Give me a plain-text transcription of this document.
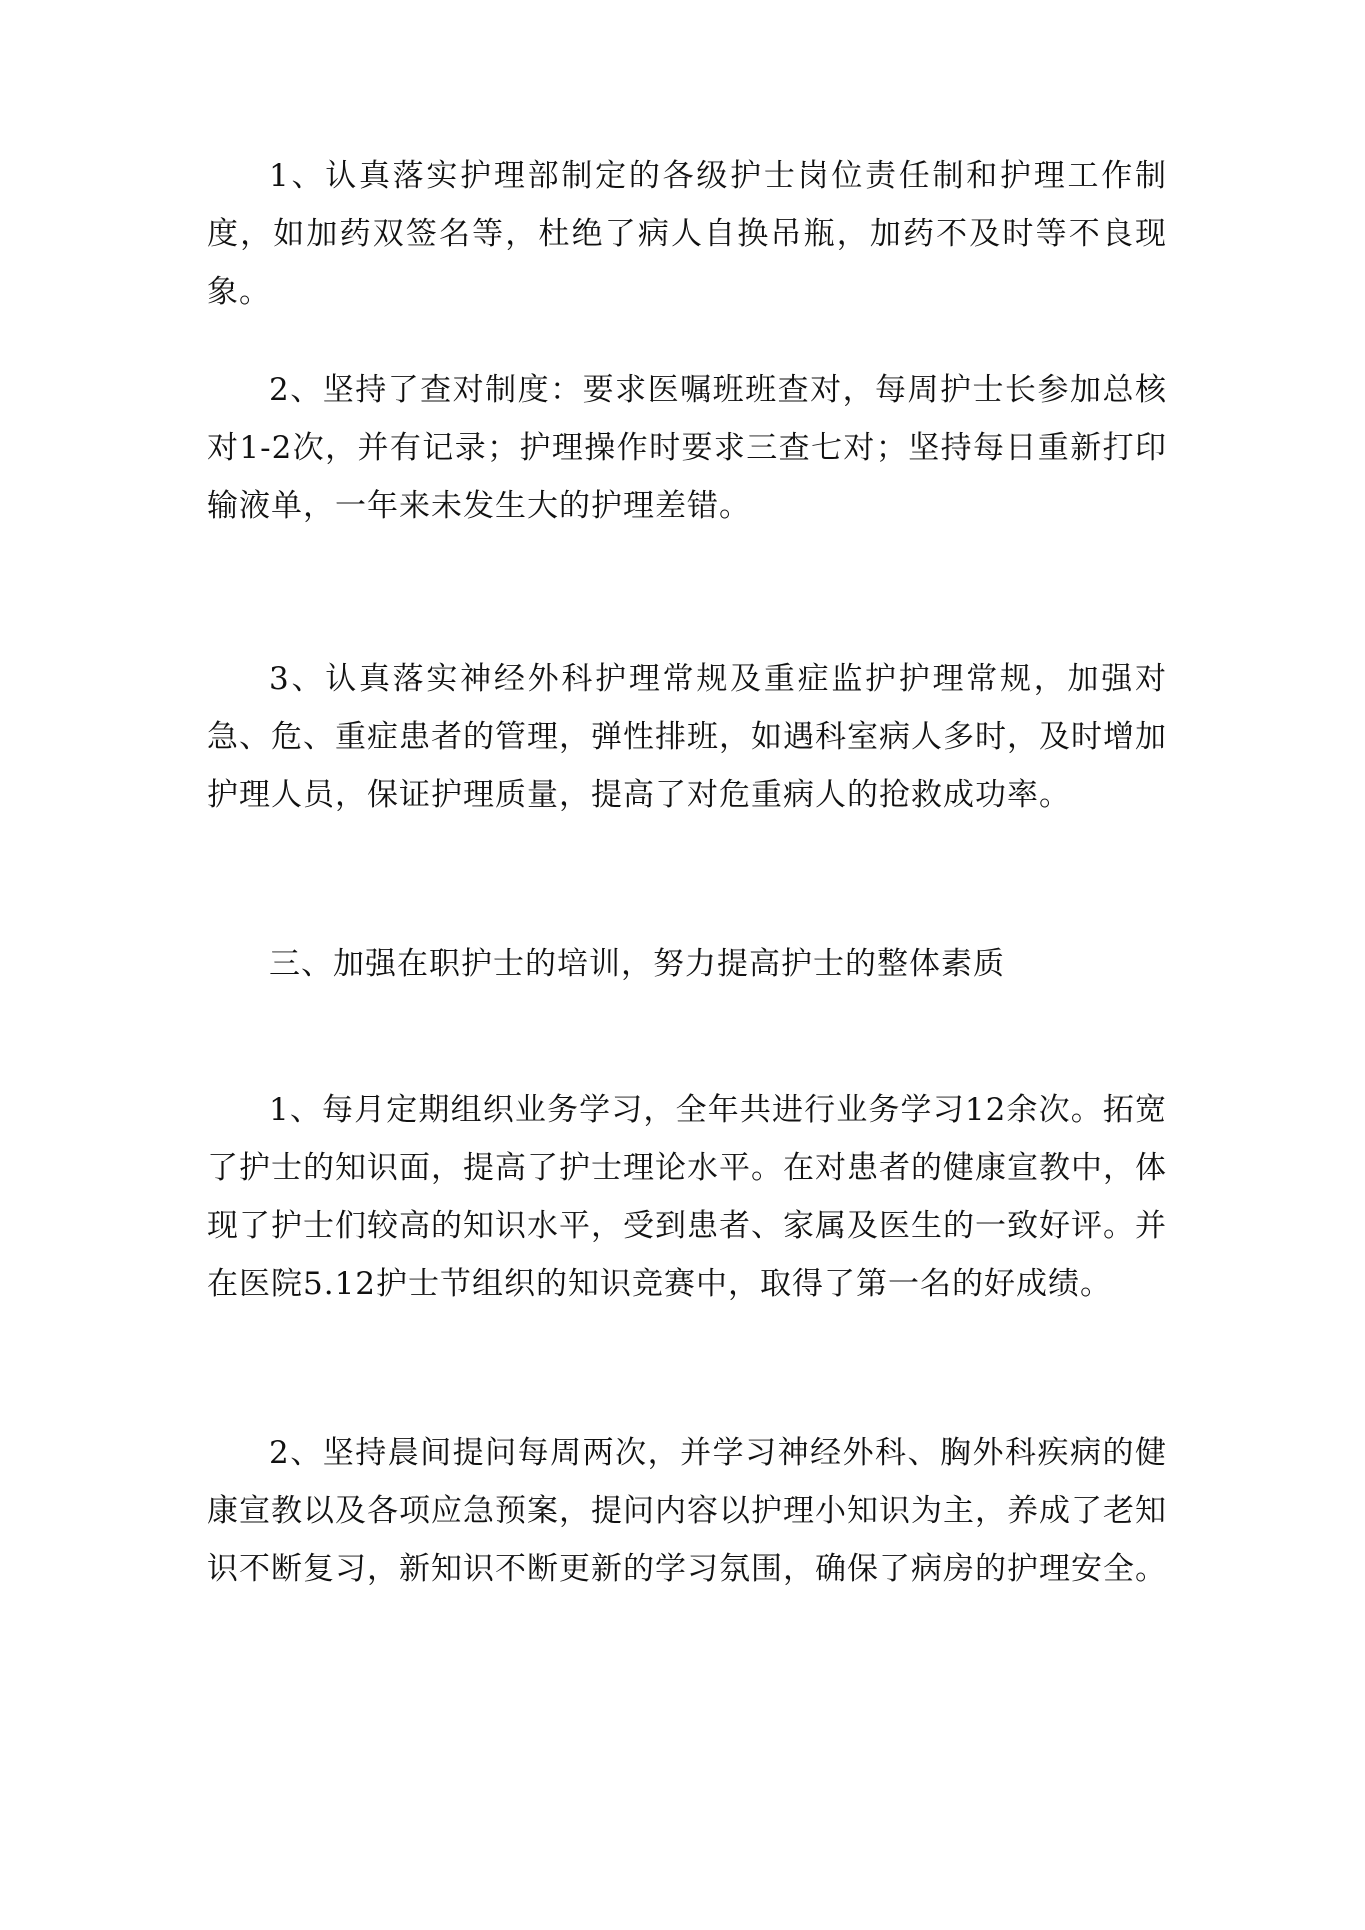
1、认真落实护理部制定的各级护士岗位责任制和护理工作制度，如加药双签名等，杜绝了病人自换吊瓶，加药不及时等不良现象。

2、坚持了查对制度：要求医嘱班班查对，每周护士长参加总核对1-2次，并有记录；护理操作时要求三查七对；坚持每日重新打印输液单，一年来未发生大的护理差错。

3、认真落实神经外科护理常规及重症监护护理常规，加强对急、危、重症患者的管理，弹性排班，如遇科室病人多时，及时增加护理人员，保证护理质量，提高了对危重病人的抢救成功率。

三、加强在职护士的培训，努力提高护士的整体素质

1、每月定期组织业务学习，全年共进行业务学习12余次。拓宽了护士的知识面，提高了护士理论水平。在对患者的健康宣教中，体现了护士们较高的知识水平，受到患者、家属及医生的一致好评。并在医院5.12护士节组织的知识竞赛中，取得了第一名的好成绩。

2、坚持晨间提问每周两次，并学习神经外科、胸外科疾病的健康宣教以及各项应急预案，提问内容以护理小知识为主，养成了老知识不断复习，新知识不断更新的学习氛围，确保了病房的护理安全。
